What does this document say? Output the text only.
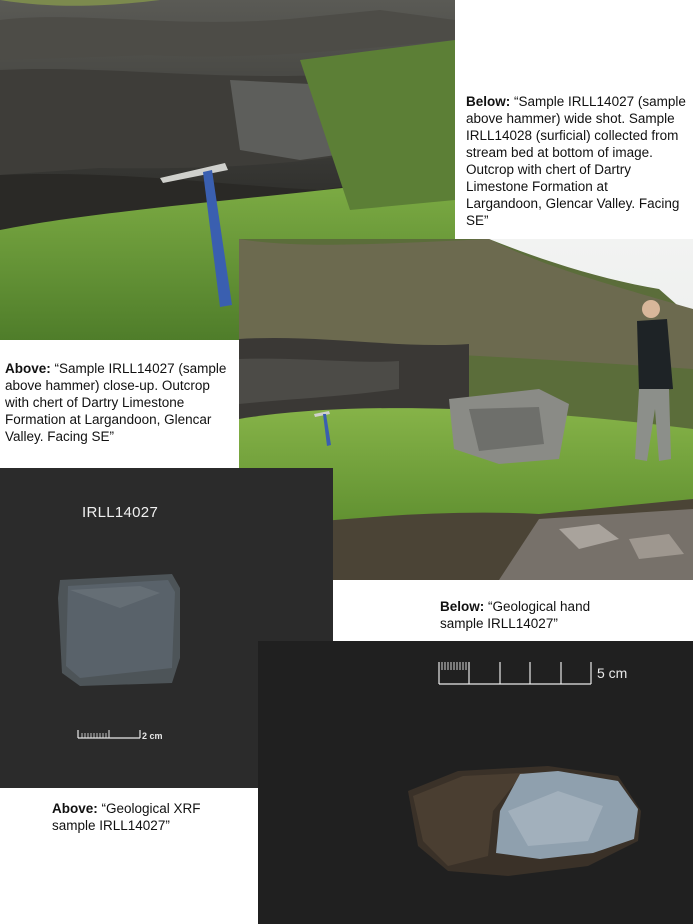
Below: “Sample IRLL14027 (sample above hammer) wide shot. Sample IRLL14028 (surficial) collected from stream bed at bottom of image. Outcrop with chert of Dartry Limestone Formation at Largandoon, Glencar Valley. Facing SE”
Above: “Sample IRLL14027 (sample above hammer) close-up. Outcrop with chert of Dartry Limestone Formation at Largandoon, Glencar Valley. Facing SE”
2 cm
IRLL14027
Below: “Geological hand sample IRLL14027”
5 cm
Above: “Geological XRF sample IRLL14027”
